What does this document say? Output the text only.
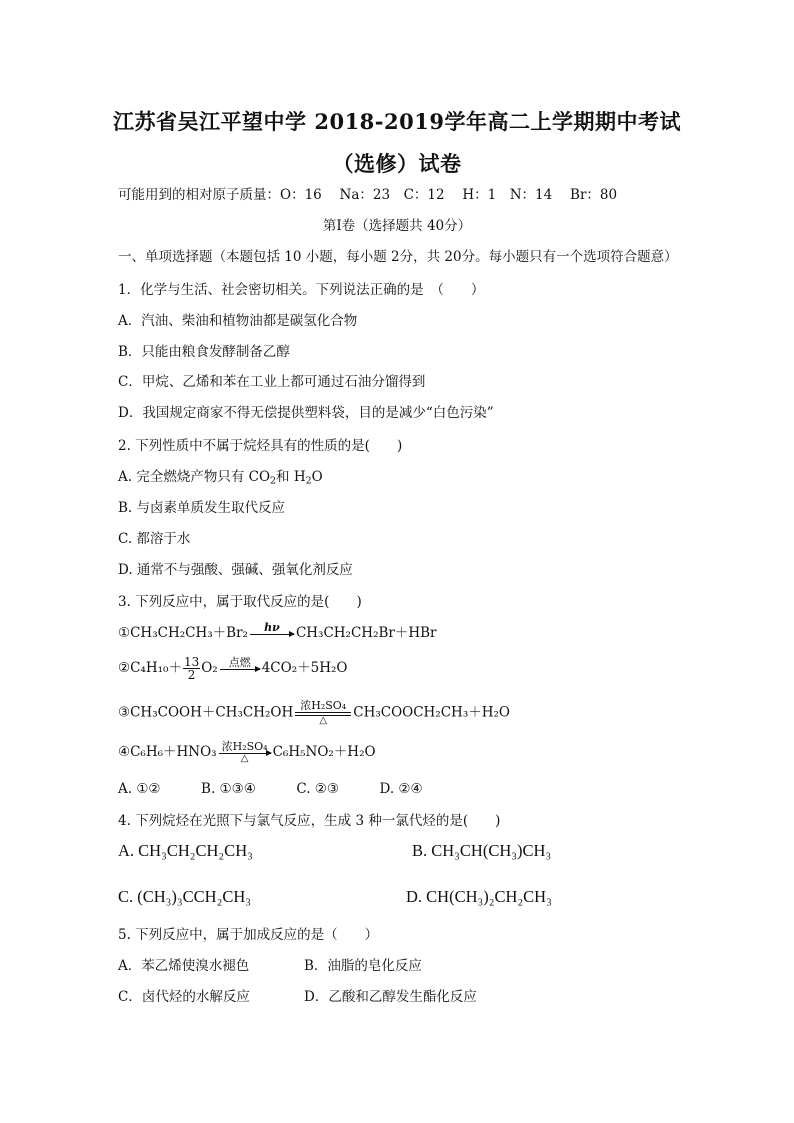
江苏省吴江平望中学 2018-2019学年高二上学期期中考试
（选修）试卷
可能用到的相对原子质量：O：16　 Na：23　C：12　 H：1　N：14　 Br：80
第Ⅰ卷（选择题共 40分）
一、单项选择题（本题包括 10 小题，每小题 2分，共 20分。每小题只有一个选项符合题意）
1．化学与生活、社会密切相关。下列说法正确的是　（　　）
A．汽油、柴油和植物油都是碳氢化合物
B．只能由粮食发酵制备乙醇
C．甲烷、乙烯和苯在工业上都可通过石油分馏得到
D．我国规定商家不得无偿提供塑料袋，目的是减少“白色污染”
2. 下列性质中不属于烷烃具有的性质的是(　　)
A. 完全燃烧产物只有 $CO_2$和 $H_2O$
B. 与卤素单质发生取代反应
C. 都溶于水
D. 通常不与强酸、强碱、强氧化剂反应
3. 下列反应中，属于取代反应的是(　　)
①CH₃CH₂CH₃＋Br₂	hν
	CH₃CH₂CH₂Br＋HBr
②C₄H₁₀＋ $\frac{13}{2} O_2$	点燃
4CO₂＋5H₂O
③CH₃COOH＋CH₃CH₂OH 浓H₂SO₄
△	CH₃COOCH₂CH₃＋H₂O
④C₆H₆＋HNO₃ 浓H₂SO₄
△	C₆H₅NO₂＋H₂O
A. ①②　　　B. ①③④　　　C. ②③　　　D. ②④
4. 下列烷烃在光照下与氯气反应，生成 3 种一氯代烃的是(　　)
A. CH₃CH₂CH₂CH₃	B. CH₃CH(CH₃)CH₃
C. (CH₃)₃CCH₂CH₃	D. CH(CH₃)₂CH₂CH₃
5. 下列反应中，属于加成反应的是（　　）
A．苯乙烯使溴水褪色	B．油脂的皂化反应
C．卤代烃的水解反应	D．乙酸和乙醇发生酯化反应
